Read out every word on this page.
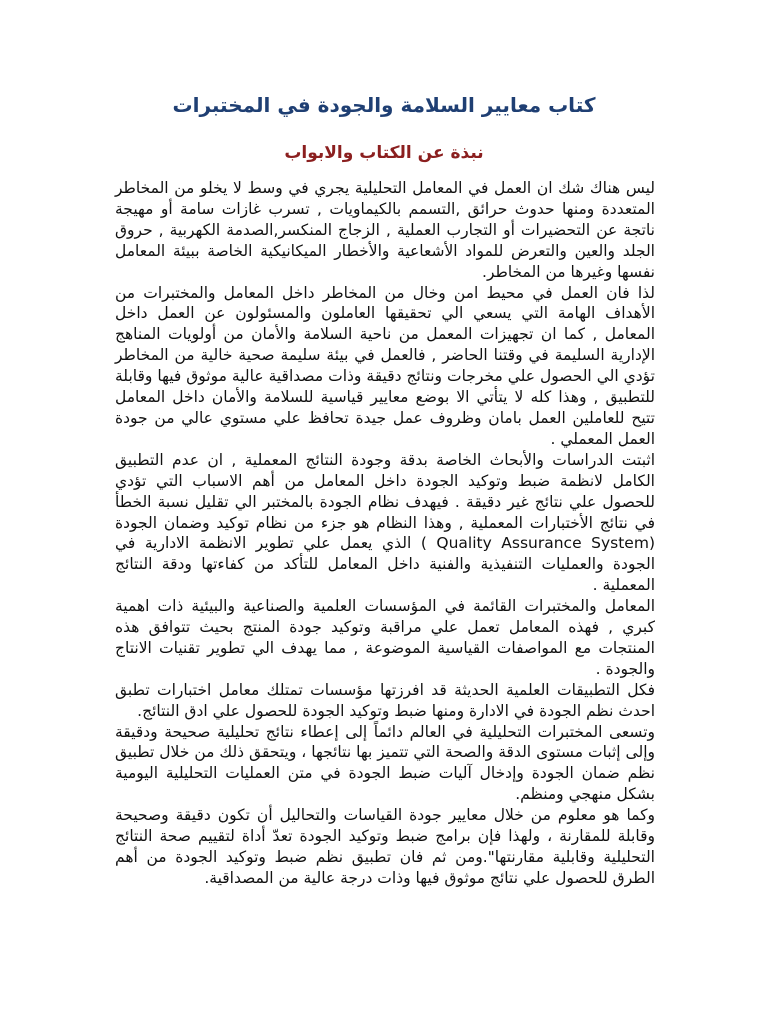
كتاب معايير السلامة والجودة في المختبرات
نبذة عن الكتاب والابواب

ليس هناك شك ان العمل في المعامل التحليلية يجري في وسط لا يخلو من المخاطر المتعددة ومنها حدوث حرائق ,التسمم بالكيماويات , تسرب غازات سامة أو مهيجة ناتجة عن التحضيرات أو التجارب العملية , الزجاج المنكسر,الصدمة الكهربية , حروق الجلد والعين والتعرض للمواد الأشعاعية والأخطار الميكانيكية الخاصة ببيئة المعامل نفسها وغيرها من المخاطر.

لذا فان العمل في محيط امن وخال من المخاطر داخل المعامل والمختبرات من الأهداف الهامة التي يسعي الي تحقيقها العاملون والمسئولون عن العمل داخل المعامل , كما ان تجهيزات المعمل من ناحية السلامة والأمان من أولويات المناهج الإدارية السليمة في وقتنا الحاضر , فالعمل في بيئة سليمة صحية خالية من المخاطر تؤدي الي الحصول علي مخرجات ونتائج دقيقة وذات مصداقية عالية موثوق فيها وقابلة للتطبيق , وهذا كله لا يتأتي الا بوضع معايير قياسية للسلامة والأمان داخل المعامل تتيح للعاملين العمل بامان وظروف عمل جيدة تحافظ علي مستوي عالي من جودة العمل المعملي .

اثبتت الدراسات والأبحاث الخاصة بدقة وجودة النتائج المعملية , ان عدم التطبيق الكامل لانظمة ضبط وتوكيد الجودة داخل المعامل من أهم الاسباب التي تؤدي للحصول علي نتائج غير دقيقة . فيهدف نظام الجودة بالمختبر الي تقليل نسبة الخطأ في نتائج الأختبارات المعملية , وهذا النظام هو جزء من نظام توكيد وضمان الجودة (Quality Assurance System ) الذي يعمل علي تطوير الانظمة الادارية في الجودة والعمليات التنفيذية والفنية داخل المعامل للتأكد من كفاءتها ودقة النتائج المعملية .

المعامل والمختبرات القائمة في المؤسسات العلمية والصناعية والبيئية ذات اهمية كبري , فهذه المعامل تعمل علي مراقبة وتوكيد جودة المنتج بحيث تتوافق هذه المنتجات مع المواصفات القياسية الموضوعة , مما يهدف الي تطوير تقنيات الانتاج والجودة .

فكل التطبيقات العلمية الحديثة قد افرزتها مؤسسات تمتلك معامل اختبارات تطبق احدث نظم الجودة في الادارة ومنها ضبط وتوكيد الجودة للحصول علي ادق النتائج.

وتسعى المختبرات التحليلية في العالم دائماً إلى إعطاء نتائج تحليلية صحيحة ودقيقة وإلى إثبات مستوى الدقة والصحة التي تتميز بها نتائجها ، ويتحقق ذلك من خلال تطبيق نظم ضمان الجودة وإدخال آليات ضبط الجودة في متن العمليات التحليلية اليومية بشكل منهجي ومنظم.

وكما هو معلوم من خلال معايير جودة القياسات والتحاليل أن تكون دقيقة وصحيحة وقابلة للمقارنة ، ولهذا فإن برامج ضبط وتوكيد الجودة تعدّ أداة لتقييم صحة النتائج التحليلية وقابلية مقارنتها".ومن ثم فان تطبيق نظم ضبط وتوكيد الجودة من أهم الطرق للحصول علي نتائج موثوق فيها وذات درجة عالية من المصداقية.
